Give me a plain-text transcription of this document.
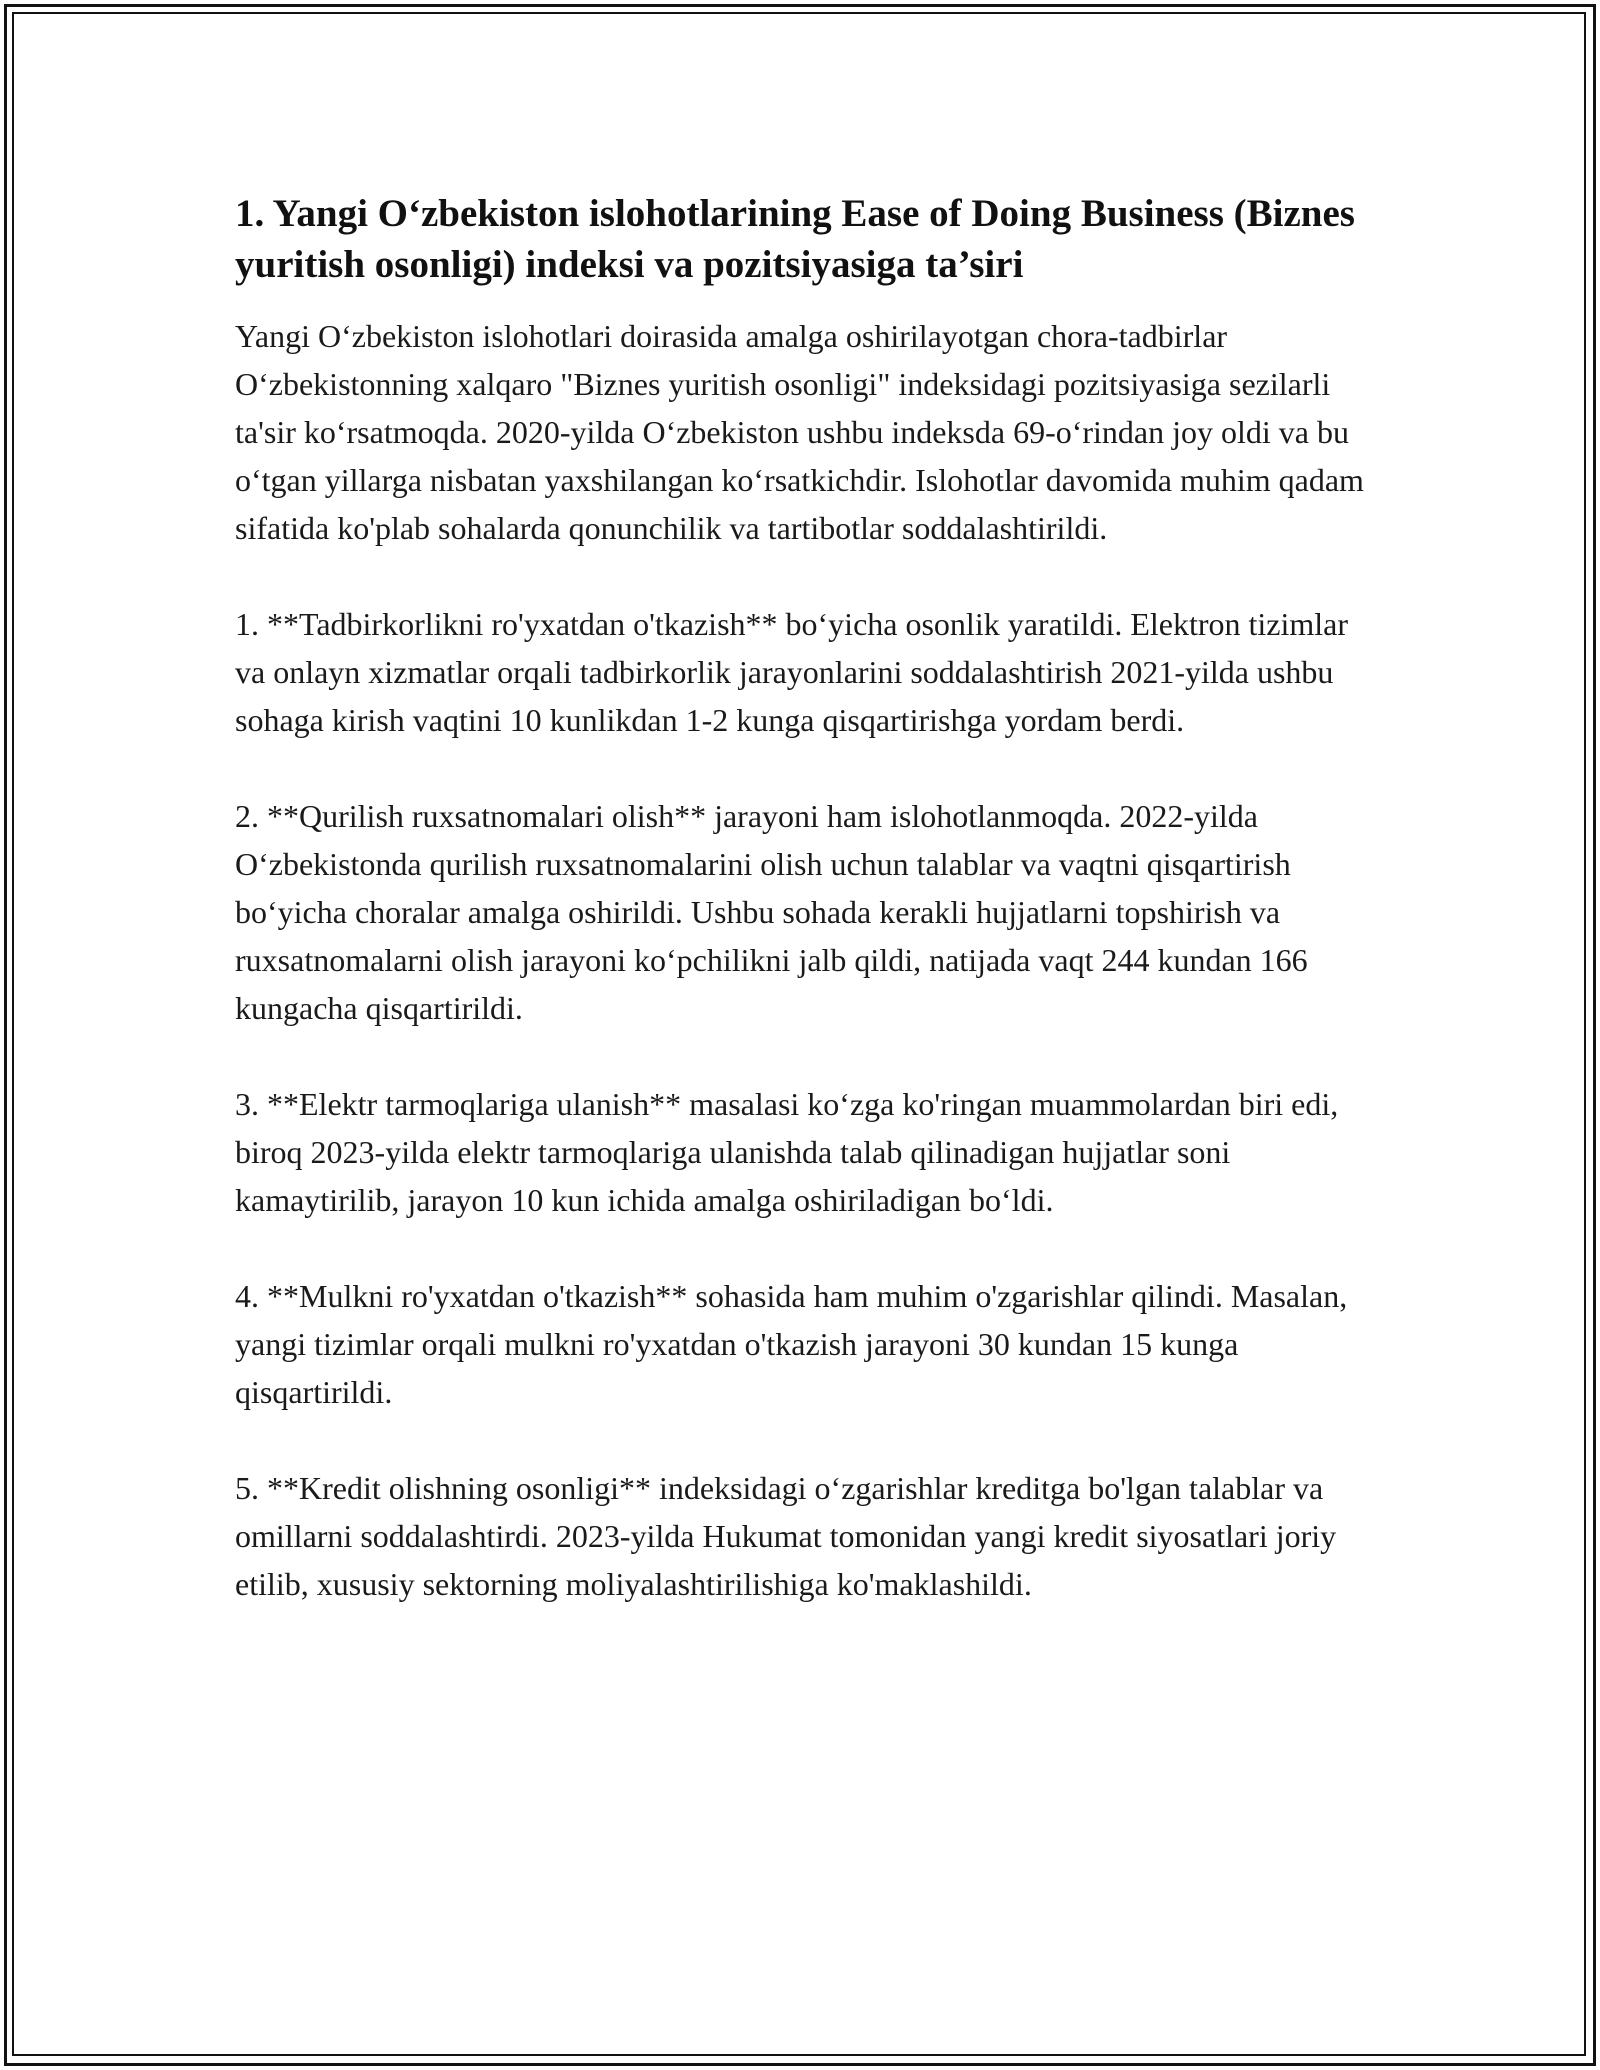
1. Yangi O‘zbekiston islohotlarining Ease of Doing Business (Biznes yuritish osonligi) indeksi va pozitsiyasiga ta’siri

Yangi O‘zbekiston islohotlari doirasida amalga oshirilayotgan chora-tadbirlar O‘zbekistonning xalqaro "Biznes yuritish osonligi" indeksidagi pozitsiyasiga sezilarli ta'sir ko‘rsatmoqda. 2020-yilda O‘zbekiston ushbu indeksda 69-o‘rindan joy oldi va bu o‘tgan yillarga nisbatan yaxshilangan ko‘rsatkichdir. Islohotlar davomida muhim qadam sifatida ko'plab sohalarda qonunchilik va tartibotlar soddalashtirildi.

1. **Tadbirkorlikni ro'yxatdan o'tkazish** bo‘yicha osonlik yaratildi. Elektron tizimlar va onlayn xizmatlar orqali tadbirkorlik jarayonlarini soddalashtirish 2021-yilda ushbu sohaga kirish vaqtini 10 kunlikdan 1-2 kunga qisqartirishga yordam berdi.

2. **Qurilish ruxsatnomalari olish** jarayoni ham islohotlanmoqda. 2022-yilda O‘zbekistonda qurilish ruxsatnomalarini olish uchun talablar va vaqtni qisqartirish bo‘yicha choralar amalga oshirildi. Ushbu sohada kerakli hujjatlarni topshirish va ruxsatnomalarni olish jarayoni ko‘pchilikni jalb qildi, natijada vaqt 244 kundan 166 kungacha qisqartirildi.

3. **Elektr tarmoqlariga ulanish** masalasi ko‘zga ko'ringan muammolardan biri edi, biroq 2023-yilda elektr tarmoqlariga ulanishda talab qilinadigan hujjatlar soni kamaytirilib, jarayon 10 kun ichida amalga oshiriladigan bo‘ldi.

4. **Mulkni ro'yxatdan o'tkazish** sohasida ham muhim o'zgarishlar qilindi. Masalan, yangi tizimlar orqali mulkni ro'yxatdan o'tkazish jarayoni 30 kundan 15 kunga qisqartirildi.

5. **Kredit olishning osonligi** indeksidagi o‘zgarishlar kreditga bo'lgan talablar va omillarni soddalashtirdi. 2023-yilda Hukumat tomonidan yangi kredit siyosatlari joriy etilib, xususiy sektorning moliyalashtirilishiga ko'maklashildi.
